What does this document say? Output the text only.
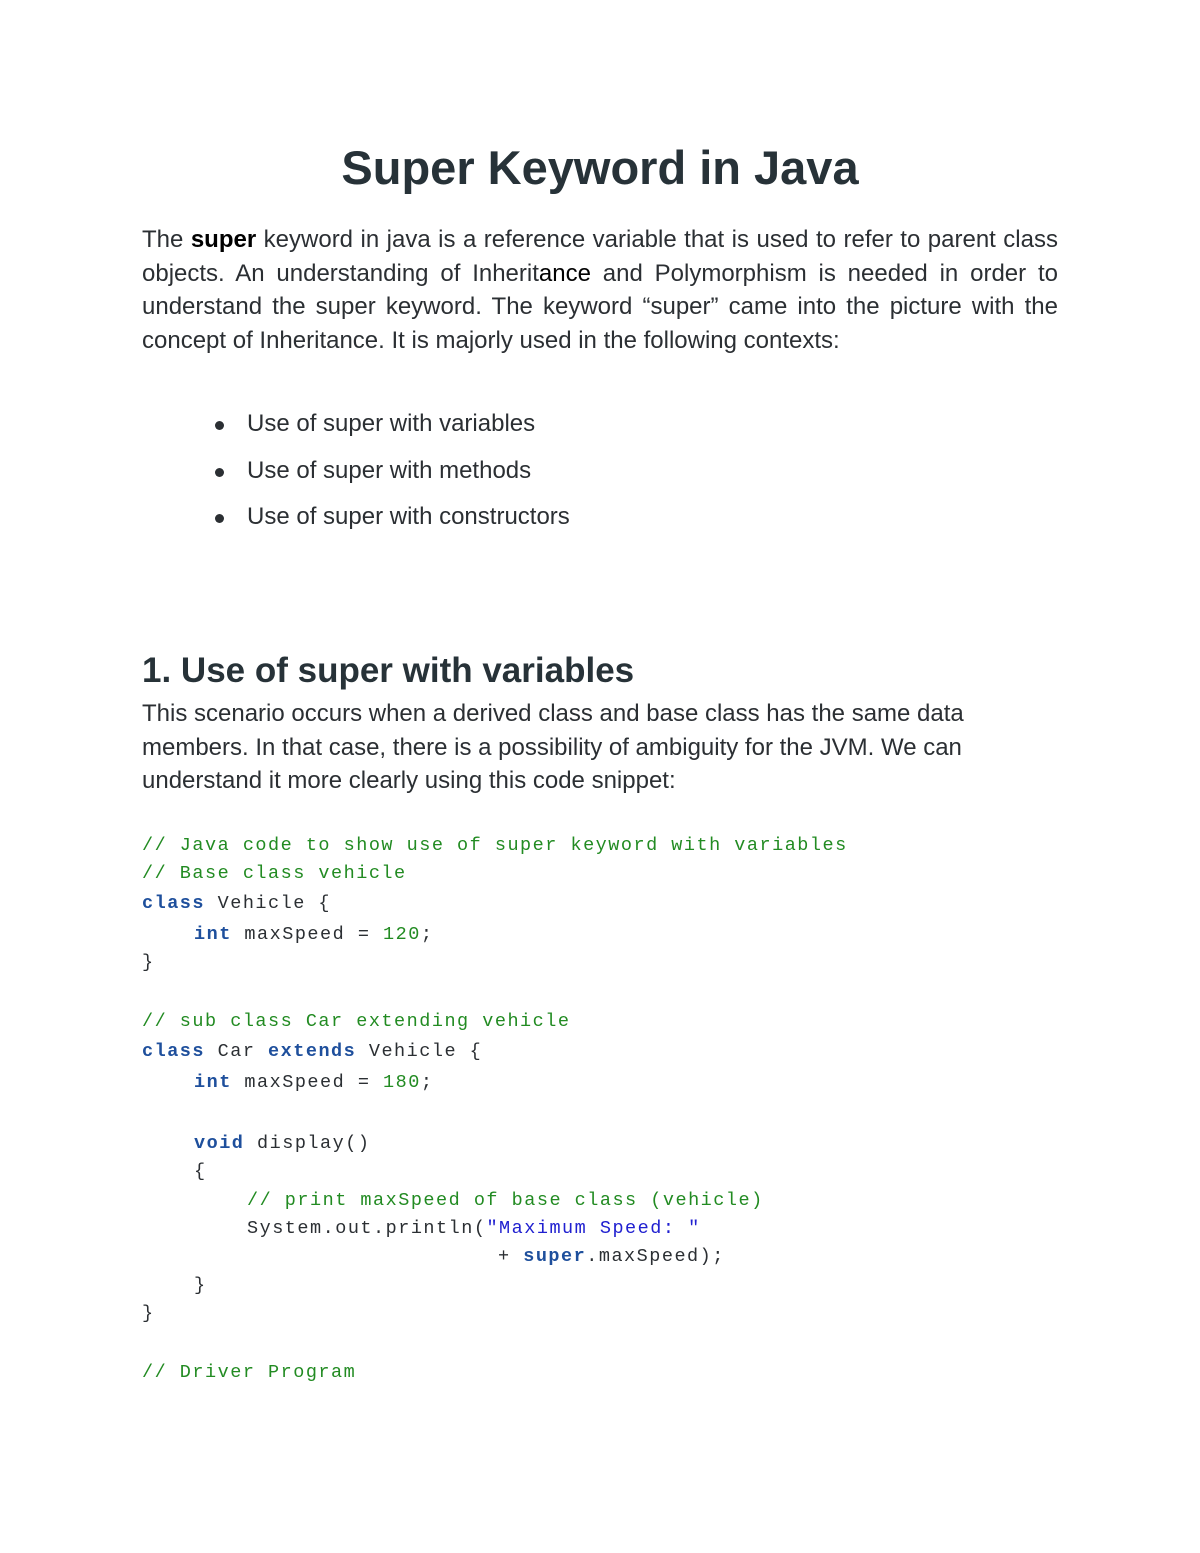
Super Keyword in Java

The super keyword in java is a reference variable that is used to refer to parent class objects. An understanding of Inheritance and Polymorphism is needed in order to understand the super keyword. The keyword “super” came into the picture with the concept of Inheritance. It is majorly used in the following contexts:

Use of super with variables
Use of super with methods
Use of super with constructors
1. Use of super with variables

This scenario occurs when a derived class and base class has the same data members. In that case, there is a possibility of ambiguity for the JVM. We can understand it more clearly using this code snippet:

// Java code to show use of super keyword with variables
// Base class vehicle
class Vehicle {
int maxSpeed = 120;
}
// sub class Car extending vehicle
class Car extends Vehicle {
int maxSpeed = 180;
void display()
{
// print maxSpeed of base class (vehicle)
System.out.println("Maximum Speed: "
+ super.maxSpeed);
}
}
// Driver Program
